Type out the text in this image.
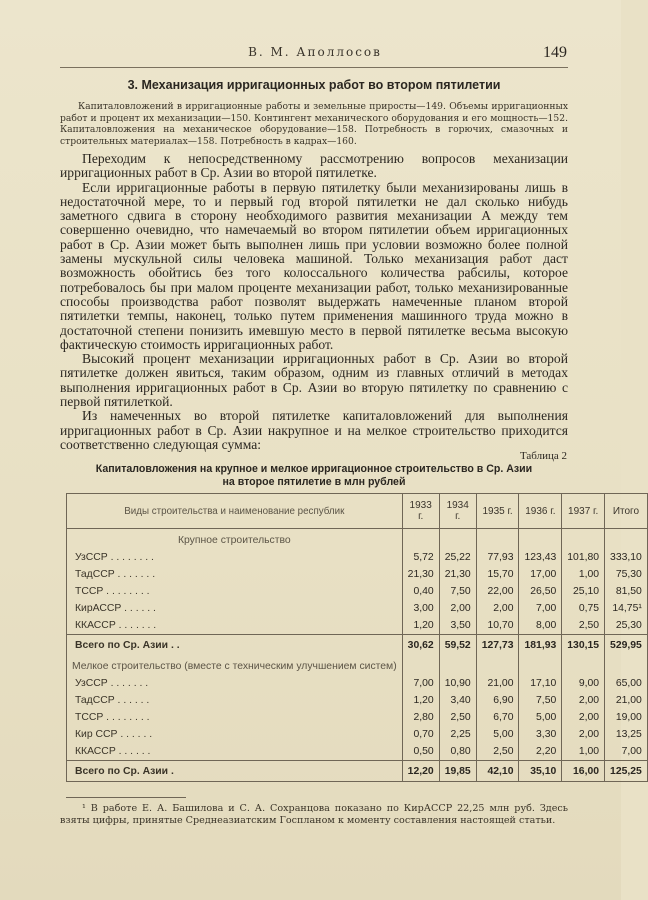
В. М. Аполлосов	149
3. Механизация ирригационных работ во втором пятилетии
Капиталовложений в ирригационные работы и земельные приросты—149. Объемы ирригационных работ и процент их механизации—150. Контингент механического оборудования и его мощность—152. Капиталовложения на механическое оборудование—158. Потребность в горючих, смазочных и строительных материалах—158. Потребность в кадрах—160.

Переходим к непосредственному рассмотрению вопросов механизации ирригационных работ в Ср. Азии во второй пятилетке.

Если ирригационные работы в первую пятилетку были механизированы лишь в недостаточной мере, то и первый год второй пятилетки не дал сколько нибудь заметного сдвига в сторону необходимого развития механизации А между тем совершенно очевидно, что намечаемый во втором пятилетии объем ирригационных работ в Ср. Азии может быть выполнен лишь при условии возможно более полной замены мускульной силы человека машиной. Только механизация работ даст возможность обойтись без того колоссального количества рабсилы, которое потребовалось бы при малом проценте механизации работ, только механизированные способы производства работ позволят выдержать намеченные планом второй пятилетки темпы, наконец, только путем применения машинного труда можно в достаточной степени понизить имевшую место в первой пятилетке весьма высокую фактическую стоимость ирригационных работ.

Высокий процент механизации ирригационных работ в Ср. Азии во второй пятилетке должен явиться, таким образом, одним из главных отличий в методах выполнения ирригационных работ в Ср. Азии во вторую пятилетку по сравнению с первой пятилеткой.

Из намеченных во второй пятилетке капиталовложений для выполнения ирригационных работ в Ср. Азии накрупное и на мелкое строительство приходится соответственно следующая сумма:

Таблица 2
Капиталовложения на крупное и мелкое ирригационное строительство в Ср. Азии
на второе пятилетие в млн рублей
Виды строительства и наименование республик	1933 г.	1934 г.	1935 г.	1936 г.	1937 г.	Итого
Крупное строительство						
УзССР . . . . . . . .	5,72	25,22	77,93	123,43	101,80	333,10
ТадССР . . . . . . .	21,30	21,30	15,70	17,00	1,00	75,30
ТССР . . . . . . . .	0,40	7,50	22,00	26,50	25,10	81,50
КирАССР . . . . . .	3,00	2,00	2,00	7,00	0,75	14,75¹
ККАССР . . . . . . .	1,20	3,50	10,70	8,00	2,50	25,30
Всего по Ср. Азии . .	30,62	59,52	127,73	181,93	130,15	529,95
Мелкое строительство (вместе с техническим улучшением систем)						
УзССР . . . . . . .	7,00	10,90	21,00	17,10	9,00	65,00
ТадССР . . . . . .	1,20	3,40	6,90	7,50	2,00	21,00
ТССР . . . . . . . .	2,80	2,50	6,70	5,00	2,00	19,00
Кир ССР . . . . . .	0,70	2,25	5,00	3,30	2,00	13,25
ККАССР . . . . . .	0,50	0,80	2,50	2,20	1,00	7,00
Всего по Ср. Азии .	12,20	19,85	42,10	35,10	16,00	125,25
¹ В работе Е. А. Башилова и С. А. Сохранцова показано по КирАССР 22,25 млн руб. Здесь взяты цифры, принятые Среднеазиатским Госпланом к моменту составления настоящей статьи.
